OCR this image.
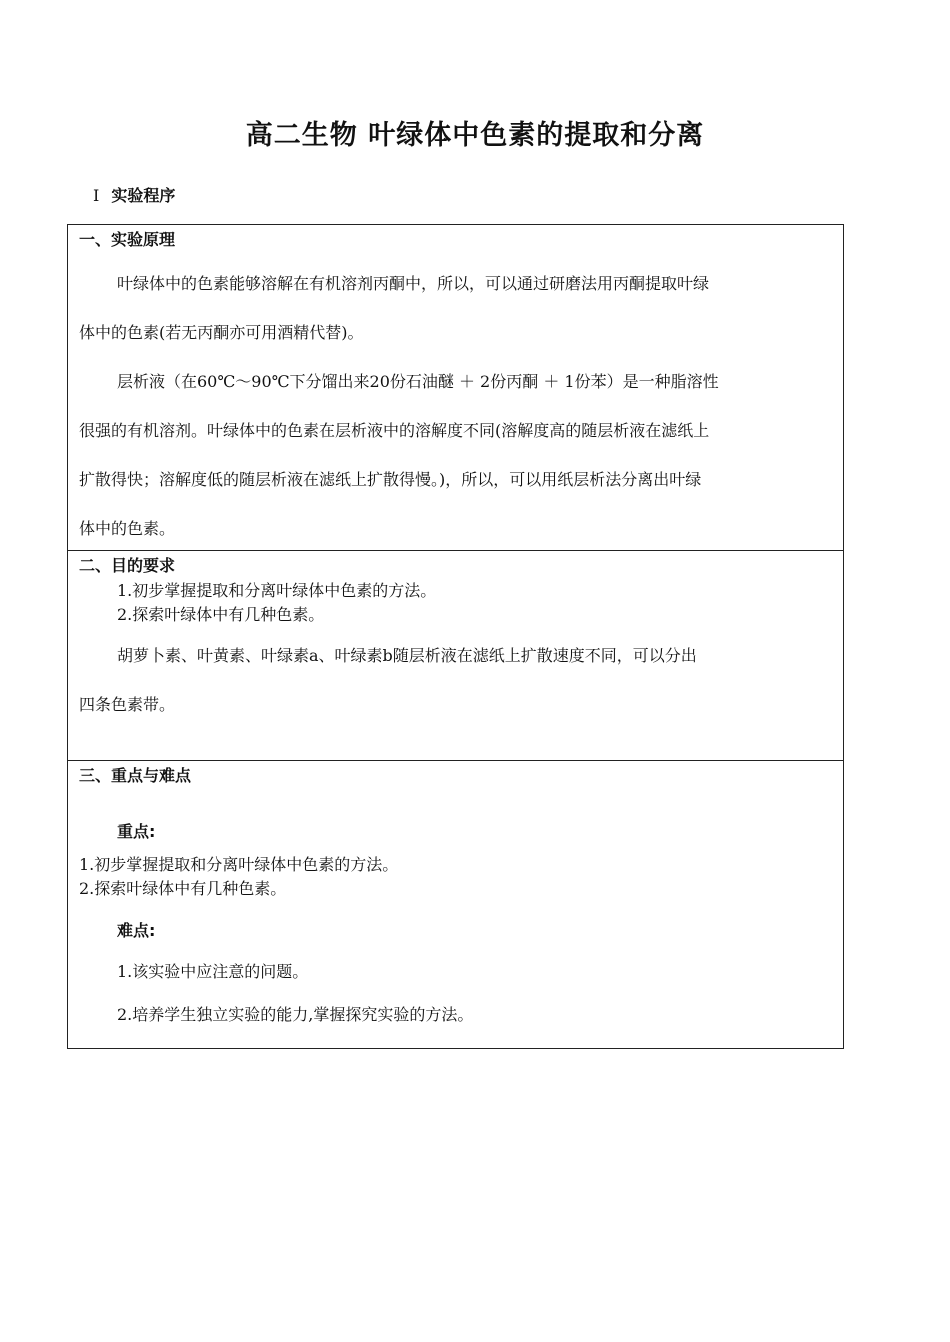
高二生物 叶绿体中色素的提取和分离
Ⅰ 实验程序
一、实验原理

叶绿体中的色素能够溶解在有机溶剂丙酮中，所以，可以通过研磨法用丙酮提取叶绿

体中的色素(若无丙酮亦可用酒精代替)。

层析液（在60℃～90℃下分馏出来20份石油醚 ＋ 2份丙酮 ＋ 1份苯）是一种脂溶性

很强的有机溶剂。叶绿体中的色素在层析液中的溶解度不同(溶解度高的随层析液在滤纸上

扩散得快；溶解度低的随层析液在滤纸上扩散得慢。)，所以，可以用纸层析法分离出叶绿

体中的色素。

二、目的要求

1.初步掌握提取和分离叶绿体中色素的方法。

2.探索叶绿体中有几种色素。

胡萝卜素、叶黄素、叶绿素a、叶绿素b随层析液在滤纸上扩散速度不同，可以分出

四条色素带。

三、重点与难点
重点:

1.初步掌握提取和分离叶绿体中色素的方法。

2.探索叶绿体中有几种色素。

难点:

1.该实验中应注意的问题。

2.培养学生独立实验的能力,掌握探究实验的方法。
